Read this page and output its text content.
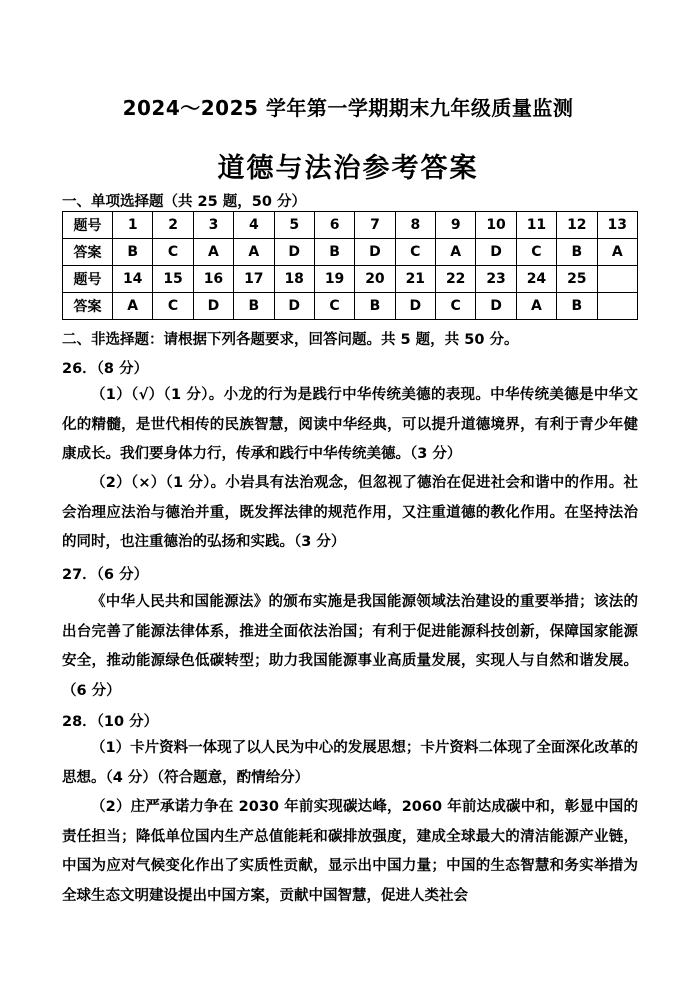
2024～2025 学年第一学期期末九年级质量监测
道德与法治参考答案
一、单项选择题（共 25 题，50 分）
题号	1	2	3	4	5	6	7	8	9	10	11	12	13
答案	B	C	A	A	D	B	D	C	A	D	C	B	A
题号	14	15	16	17	18	19	20	21	22	23	24	25	
答案	A	C	D	B	D	C	B	D	C	D	A	B	
二、非选择题：请根据下列各题要求，回答问题。共 5 题，共 50 分。
26．（8 分）

（1）（√）（1 分）。小龙的行为是践行中华传统美德的表现。中华传统美德是中华文化的精髓，是世代相传的民族智慧，阅读中华经典，可以提升道德境界，有利于青少年健康成长。我们要身体力行，传承和践行中华传统美德。（3 分）

（2）（×）（1 分）。小岩具有法治观念，但忽视了德治在促进社会和谐中的作用。社会治理应法治与德治并重，既发挥法律的规范作用，又注重道德的教化作用。在坚持法治的同时，也注重德治的弘扬和实践。（3 分）

27．（6 分）

《中华人民共和国能源法》的颁布实施是我国能源领域法治建设的重要举措；该法的出台完善了能源法律体系，推进全面依法治国；有利于促进能源科技创新，保障国家能源安全，推动能源绿色低碳转型；助力我国能源事业高质量发展，实现人与自然和谐发展。（6 分）

28．（10 分）

（1）卡片资料一体现了以人民为中心的发展思想；卡片资料二体现了全面深化改革的思想。（4 分）（符合题意，酌情给分）

（2）庄严承诺力争在 2030 年前实现碳达峰，2060 年前达成碳中和，彰显中国的责任担当；降低单位国内生产总值能耗和碳排放强度，建成全球最大的清洁能源产业链，中国为应对气候变化作出了实质性贡献，显示出中国力量；中国的生态智慧和务实举措为全球生态文明建设提出中国方案，贡献中国智慧，促进人类社会
